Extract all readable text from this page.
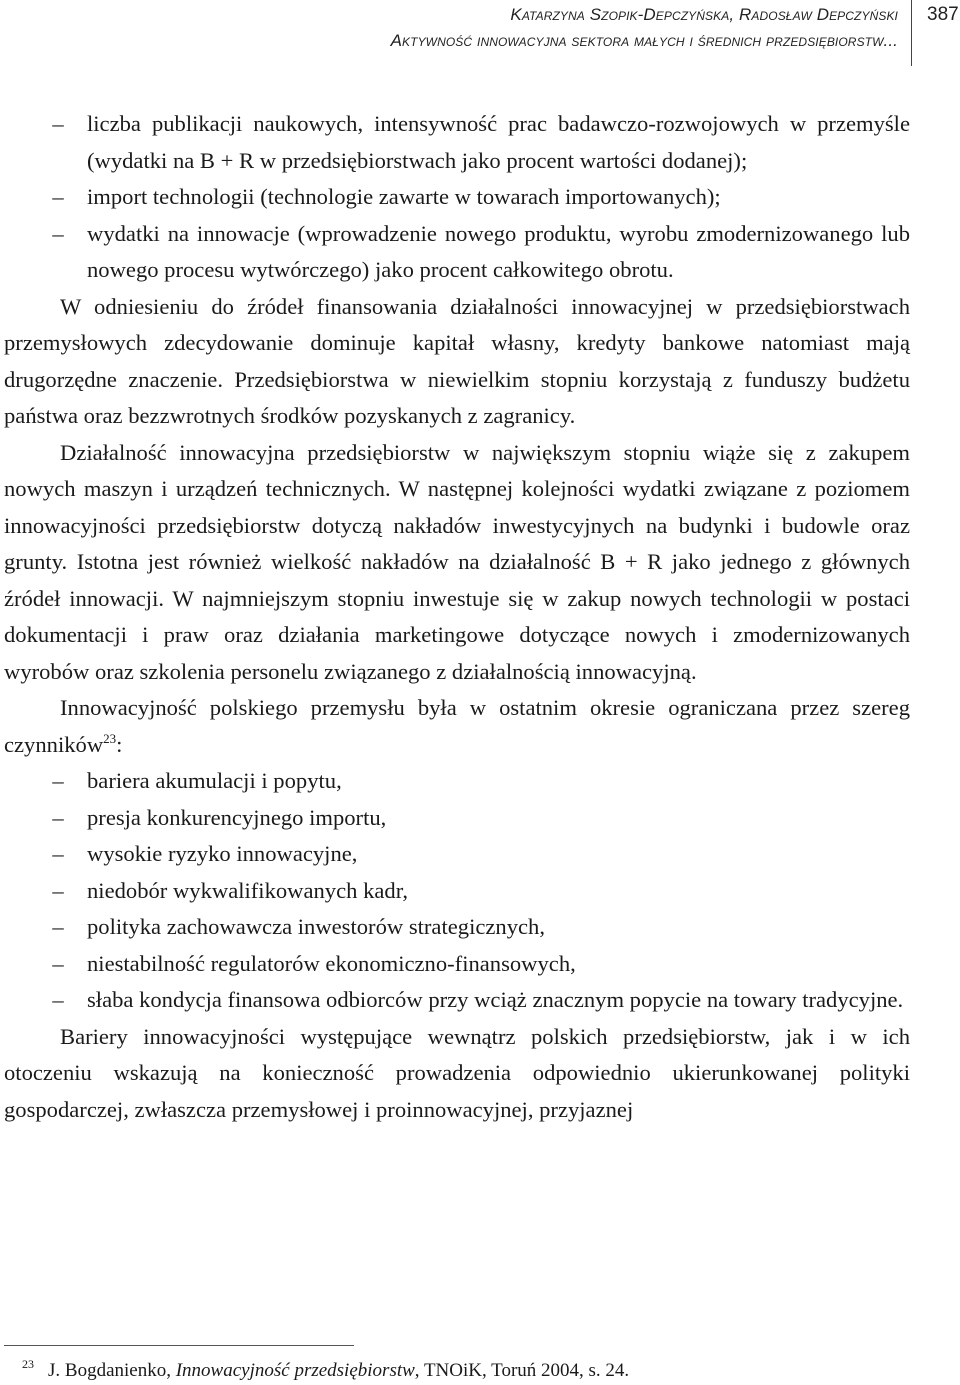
Katarzyna Szopik-Depczyńska, Radosław Depczyński
Aktywność innowacyjna sektora małych i średnich przedsiębiorstw...
387
– liczba publikacji naukowych, intensywność prac badawczo-rozwojowych w przemyśle (wydatki na B + R w przedsiębiorstwach jako procent wartości dodanej);
– import technologii (technologie zawarte w towarach importowanych);
– wydatki na innowacje (wprowadzenie nowego produktu, wyrobu zmodernizowanego lub nowego procesu wytwórczego) jako procent całkowitego obrotu.

W odniesieniu do źródeł finansowania działalności innowacyjnej w przedsiębiorstwach przemysłowych zdecydowanie dominuje kapitał własny, kredyty bankowe natomiast mają drugorzędne znaczenie. Przedsiębiorstwa w niewielkim stopniu korzystają z funduszy budżetu państwa oraz bezzwrotnych środków pozyskanych z zagranicy.

Działalność innowacyjna przedsiębiorstw w największym stopniu wiąże się z zakupem nowych maszyn i urządzeń technicznych. W następnej kolejności wydatki związane z poziomem innowacyjności przedsiębiorstw dotyczą nakładów inwestycyjnych na budynki i budowle oraz grunty. Istotna jest również wielkość nakładów na działalność B + R jako jednego z głównych źródeł innowacji. W najmniejszym stopniu inwestuje się w zakup nowych technologii w postaci dokumentacji i praw oraz działania marketingowe dotyczące nowych i zmodernizowanych wyrobów oraz szkolenia personelu związanego z działalnością innowacyjną.

Innowacyjność polskiego przemysłu była w ostatnim okresie ograniczana przez szereg czynników$^{23}$:

– bariera akumulacji i popytu,
– presja konkurencyjnego importu,
– wysokie ryzyko innowacyjne,
– niedobór wykwalifikowanych kadr,
– polityka zachowawcza inwestorów strategicznych,
– niestabilność regulatorów ekonomiczno-finansowych,
– słaba kondycja finansowa odbiorców przy wciąż znacznym popycie na towary tradycyjne.

Bariery innowacyjności występujące wewnątrz polskich przedsiębiorstw, jak i w ich otoczeniu wskazują na konieczność prowadzenia odpowiednio ukierunkowanej polityki gospodarczej, zwłaszcza przemysłowej i proinnowacyjnej, przyjaznej

$^{23}$ J. Bogdanienko, Innowacyjność przedsiębiorstw, TNOiK, Toruń 2004, s. 24.
